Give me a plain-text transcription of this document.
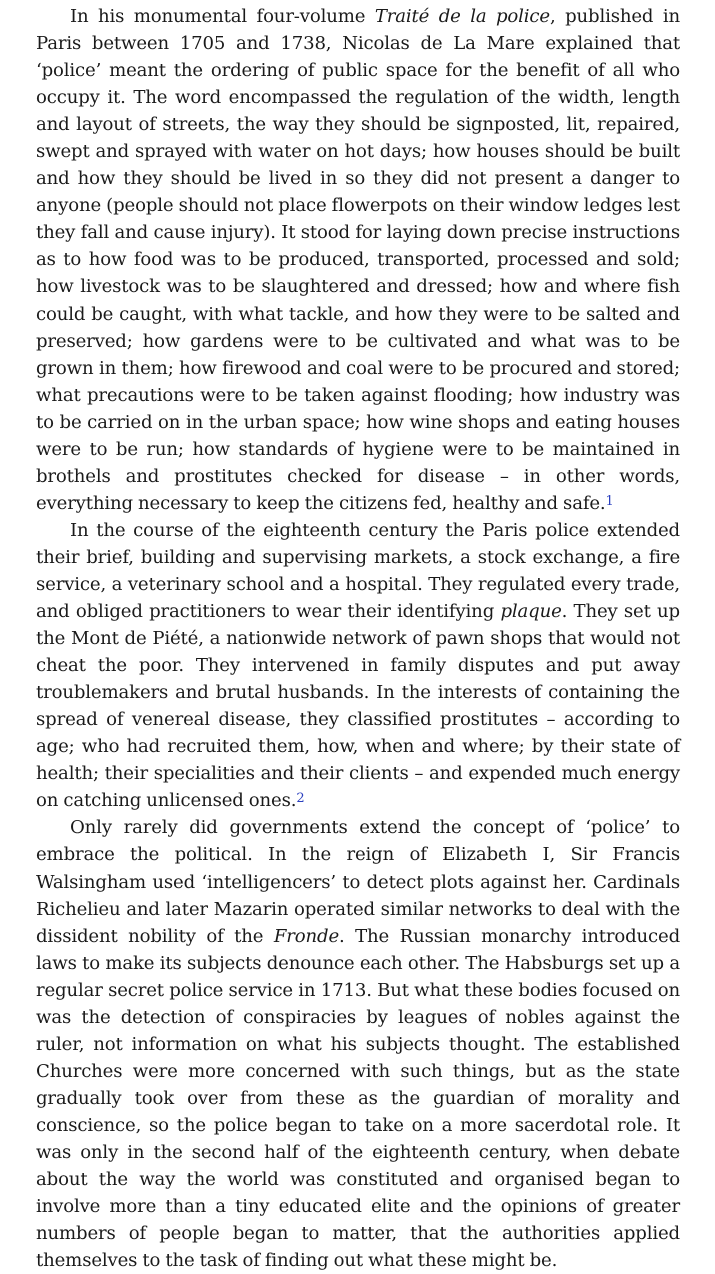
In his monumental four-volume Traité de la police, published in Paris between 1705 and 1738, Nicolas de La Mare explained that ‘police’ meant the ordering of public space for the benefit of all who occupy it. The word encompassed the regulation of the width, length and layout of streets, the way they should be signposted, lit, repaired, swept and sprayed with water on hot days; how houses should be built and how they should be lived in so they did not present a danger to anyone (people should not place flowerpots on their window ledges lest they fall and cause injury). It stood for laying down precise instructions as to how food was to be produced, transported, processed and sold; how livestock was to be slaughtered and dressed; how and where fish could be caught, with what tackle, and how they were to be salted and preserved; how gardens were to be cultivated and what was to be grown in them; how firewood and coal were to be procured and stored; what precautions were to be taken against flooding; how industry was to be carried on in the urban space; how wine shops and eating houses were to be run; how standards of hygiene were to be maintained in brothels and prostitutes checked for disease – in other words, everything necessary to keep the citizens fed, healthy and safe.$^1$

In the course of the eighteenth century the Paris police extended their brief, building and supervising markets, a stock exchange, a fire service, a veterinary school and a hospital. They regulated every trade, and obliged practitioners to wear their identifying plaque. They set up the Mont de Piété, a nationwide network of pawn shops that would not cheat the poor. They intervened in family disputes and put away troublemakers and brutal husbands. In the interests of containing the spread of venereal disease, they classified prostitutes – according to age; who had recruited them, how, when and where; by their state of health; their specialities and their clients – and expended much energy on catching unlicensed ones.$^2$

Only rarely did governments extend the concept of ‘police’ to embrace the political. In the reign of Elizabeth I, Sir Francis Walsingham used ‘intelligencers’ to detect plots against her. Cardinals Richelieu and later Mazarin operated similar networks to deal with the dissident nobility of the Fronde. The Russian monarchy introduced laws to make its subjects denounce each other. The Habsburgs set up a regular secret police service in 1713. But what these bodies focused on was the detection of conspiracies by leagues of nobles against the ruler, not information on what his subjects thought. The established Churches were more concerned with such things, but as the state gradually took over from these as the guardian of morality and conscience, so the police began to take on a more sacerdotal role. It was only in the second half of the eighteenth century, when debate about the way the world was constituted and organised began to involve more than a tiny educated elite and the opinions of greater numbers of people began to matter, that the authorities applied themselves to the task of finding out what these might be.
